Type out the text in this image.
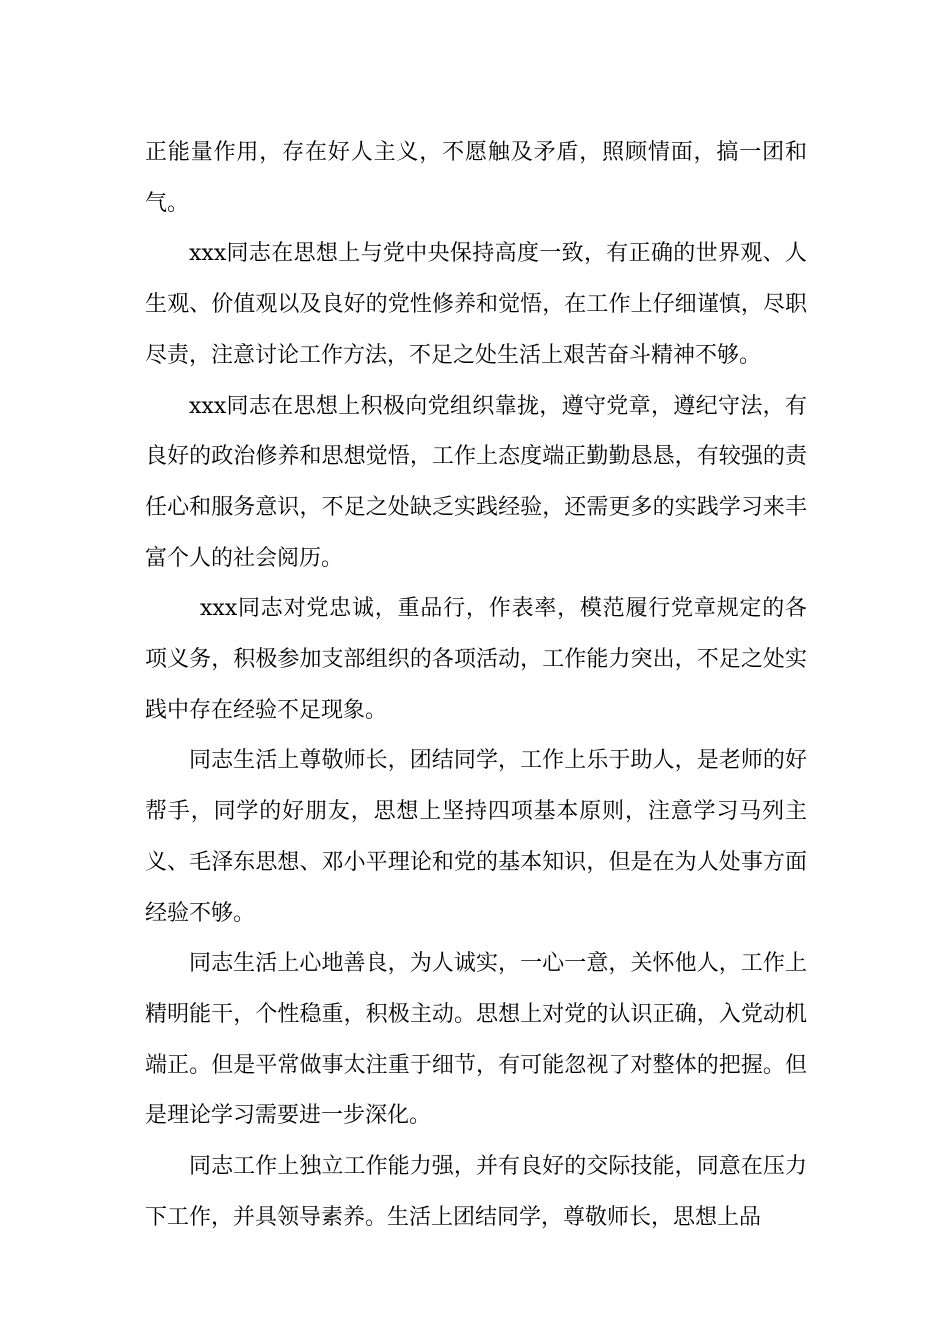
正能量作用，存在好人主义，不愿触及矛盾，照顾情面，搞一团和气。

xxx同志在思想上与党中央保持高度一致，有正确的世界观、人生观、价值观以及良好的党性修养和觉悟，在工作上仔细谨慎，尽职尽责，注意讨论工作方法，不足之处生活上艰苦奋斗精神不够。

xxx同志在思想上积极向党组织靠拢，遵守党章，遵纪守法，有良好的政治修养和思想觉悟，工作上态度端正勤勤恳恳，有较强的责任心和服务意识，不足之处缺乏实践经验，还需更多的实践学习来丰富个人的社会阅历。

xxx同志对党忠诚，重品行，作表率，模范履行党章规定的各项义务，积极参加支部组织的各项活动，工作能力突出，不足之处实践中存在经验不足现象。

同志生活上尊敬师长，团结同学，工作上乐于助人，是老师的好帮手，同学的好朋友，思想上坚持四项基本原则，注意学习马列主义、毛泽东思想、邓小平理论和党的基本知识，但是在为人处事方面经验不够。

同志生活上心地善良，为人诚实，一心一意，关怀他人，工作上精明能干，个性稳重，积极主动。思想上对党的认识正确，入党动机端正。但是平常做事太注重于细节，有可能忽视了对整体的把握。但是理论学习需要进一步深化。

同志工作上独立工作能力强，并有良好的交际技能，同意在压力下工作，并具领导素养。生活上团结同学，尊敬师长，思想上品
